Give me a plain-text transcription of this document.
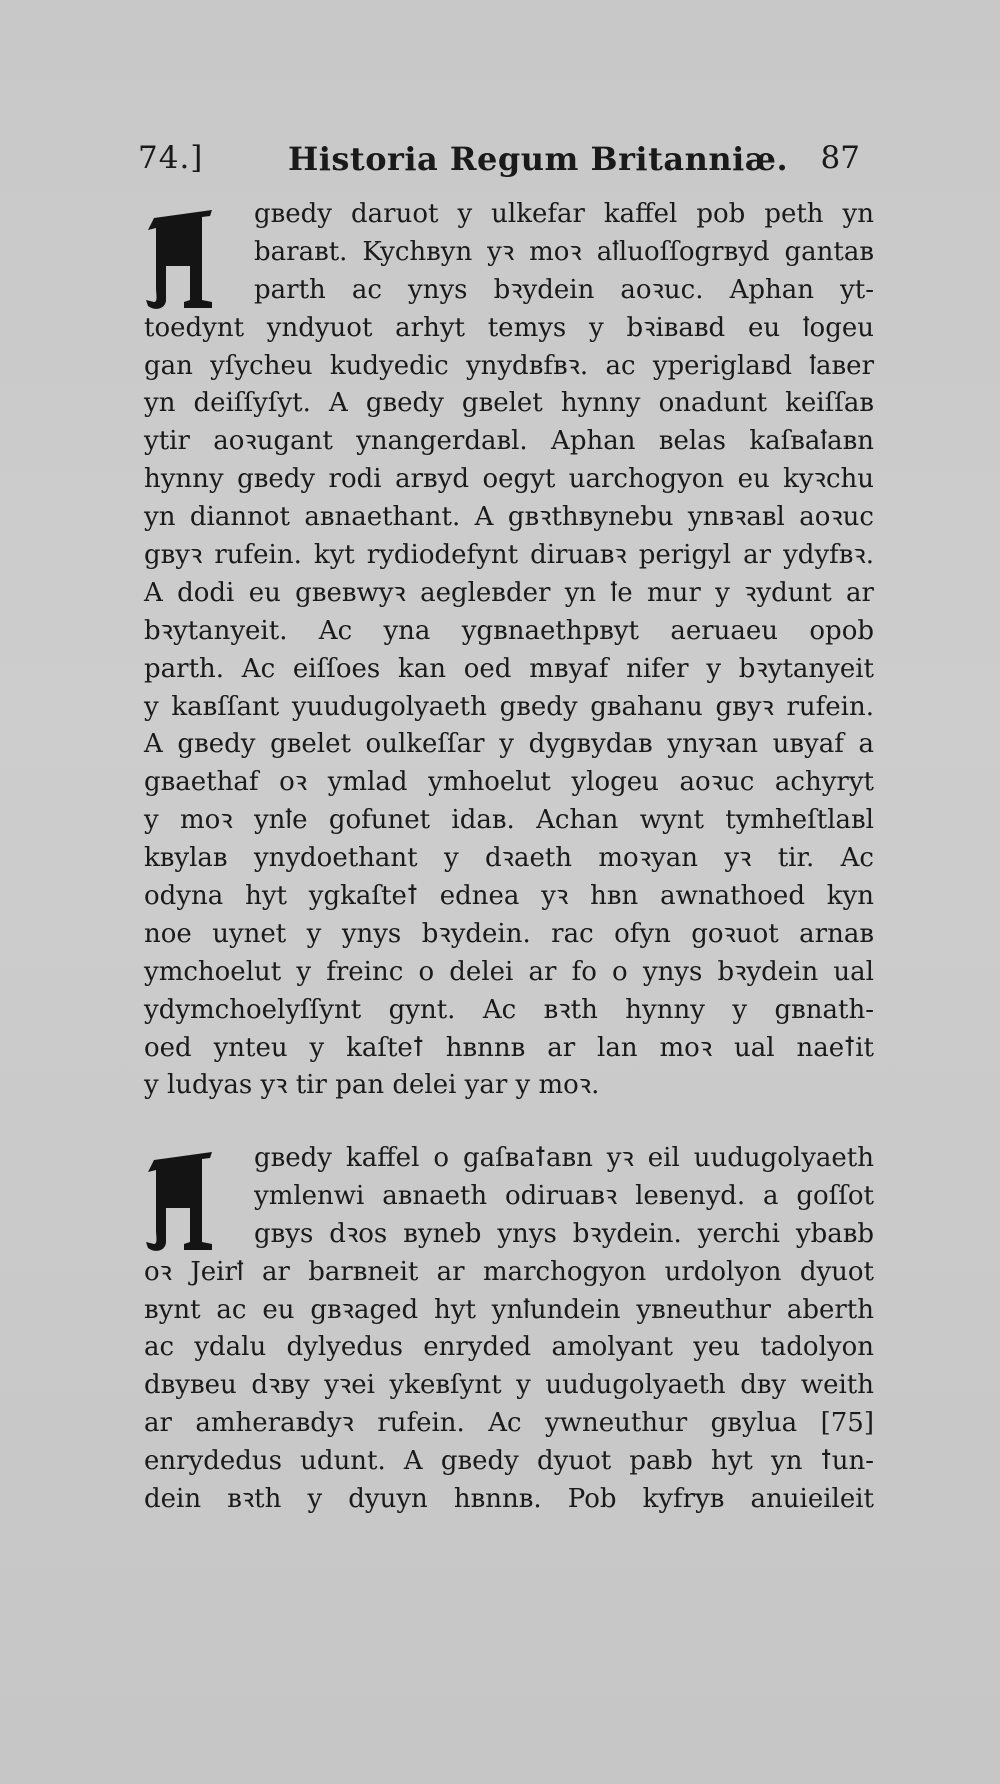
74.]	Historia Regum Britanniæ. 87
gʙedy daruot y ulkefar kaffel pob peth yn
baraʙt. Kychʙyn yꝛ moꝛ aꝉluoſſogrʙyd gantaʙ
parth ac ynys bꝛydein aoꝛuc. Aphan yt-
toedynt yndyuot arhyt temys y bꝛiʙaʙd eu ꝉogeu
gan yſycheu kudyedic ynydʙfʙꝛ. ac yperiglaʙd ꝉaʙer
yn deiſſyſyt. A gʙedy gʙelet hynny onadunt keiſſaʙ
ytir aoꝛugant ynangerdaʙl. Aphan ʙelas kaſʙaꝉaʙn
hynny gʙedy rodi arʙyd oegyt uarchogyon eu kyꝛchu
yn diannot aʙnaethant. A gʙꝛthʙynebu ynʙꝛaʙl aoꝛuc
gʙyꝛ rufein. kyt rydiodefynt diruaʙꝛ perigyl ar ydyfʙꝛ.
A dodi eu gʙeʙwyꝛ aegleʙder yn ꝉe mur y ꝛydunt ar
bꝛytanyeit. Ac yna ygʙnaethpʙyt aeruaeu opob
parth. Ac eiſſoes kan oed mʙyaf nifer y bꝛytanyeit
y kaʙſſant yuudugolyaeth gʙedy gʙahanu gʙyꝛ rufein.
A gʙedy gʙelet oulkeſſar y dygʙydaʙ ynyꝛan uʙyaf a
gʙaethaf oꝛ ymlad ymhoelut ylogeu aoꝛuc achyryt
y moꝛ ynꝉe gofunet idaʙ. Achan wynt tymheſtlaʙl
kʙylaʙ ynydoethant y dꝛaeth moꝛyan yꝛ tir. Ac
odyna hyt ygkaſteꝉ ednea yꝛ hʙn awnathoed kyn
noe uynet y ynys bꝛydein. rac ofyn goꝛuot arnaʙ
ymchoelut y freinc o delei ar fo o ynys bꝛydein ual
ydymchoelyſſynt gynt. Ac ʙꝛth hynny y gʙnath-
oed ynteu y kaſteꝉ hʙnnʙ ar lan moꝛ ual naeꝉit
y ludyas yꝛ tir pan delei yar y moꝛ.
gʙedy kaffel o gaſʙaꝉaʙn yꝛ eil uudugolyaeth
ymlenwi aʙnaeth odiruaʙꝛ leʙenyd. a goſſot
gʙys dꝛos ʙyneb ynys bꝛydein. yerchi ybaʙb
oꝛ Jeirꝉ ar barʙneit ar marchogyon urdolyon dyuot
ʙynt ac eu gʙꝛaged hyt ynꝉundein yʙneuthur aberth
ac ydalu dylyedus enryded amolyant yeu tadolyon
dʙyʙeu dꝛʙy yꝛei ykeʙſynt y uudugolyaeth dʙy weith
ar amheraʙdyꝛ rufein. Ac ywneuthur gʙylua [75]
enrydedus udunt. A gʙedy dyuot paʙb hyt yn ꝉun-
dein ʙꝛth y dyuyn hʙnnʙ. Pob kyfryʙ anuieileit
